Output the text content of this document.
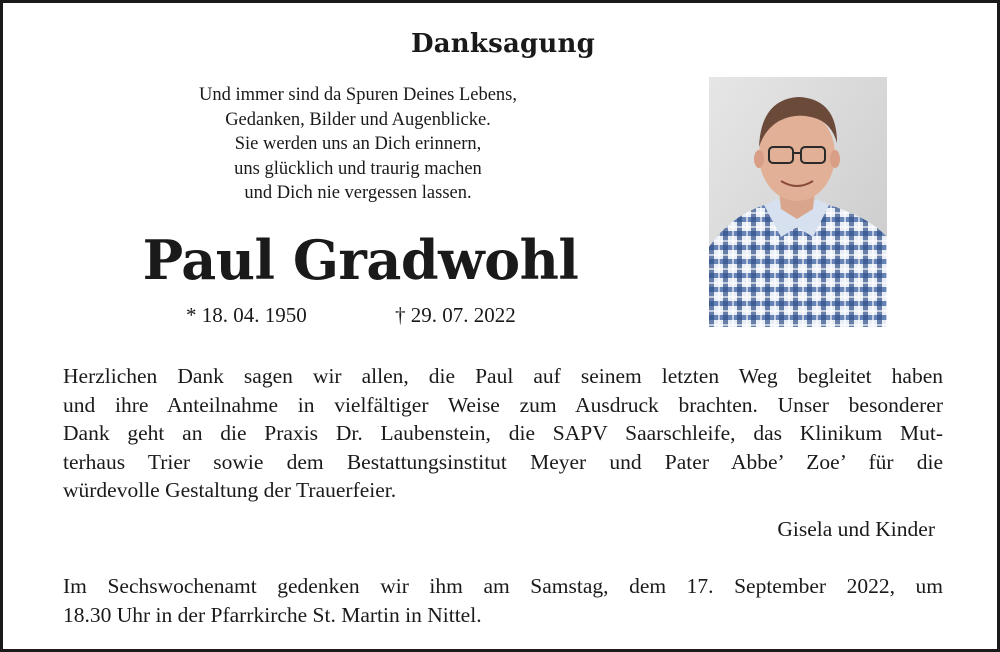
Danksagung
Und immer sind da Spuren Deines Lebens,
Gedanken, Bilder und Augenblicke.
Sie werden uns an Dich erinnern,
uns glücklich und traurig machen
und Dich nie vergessen lassen.
Paul Gradwohl
* 18. 04. 1950	† 29. 07. 2022
Herzlichen Dank sagen wir allen, die Paul auf seinem letzten Weg begleitet haben
und ihre Anteilnahme in vielfältiger Weise zum Ausdruck brachten. Unser besonderer
Dank geht an die Praxis Dr. Laubenstein, die SAPV Saarschleife, das Klinikum Mut-
terhaus Trier sowie dem Bestattungsinstitut Meyer und Pater Abbe’ Zoe’ für die
würdevolle Gestaltung der Trauerfeier.
Gisela und Kinder
Im Sechswochenamt gedenken wir ihm am Samstag, dem 17. September 2022, um
18.30 Uhr in der Pfarrkirche St. Martin in Nittel.
